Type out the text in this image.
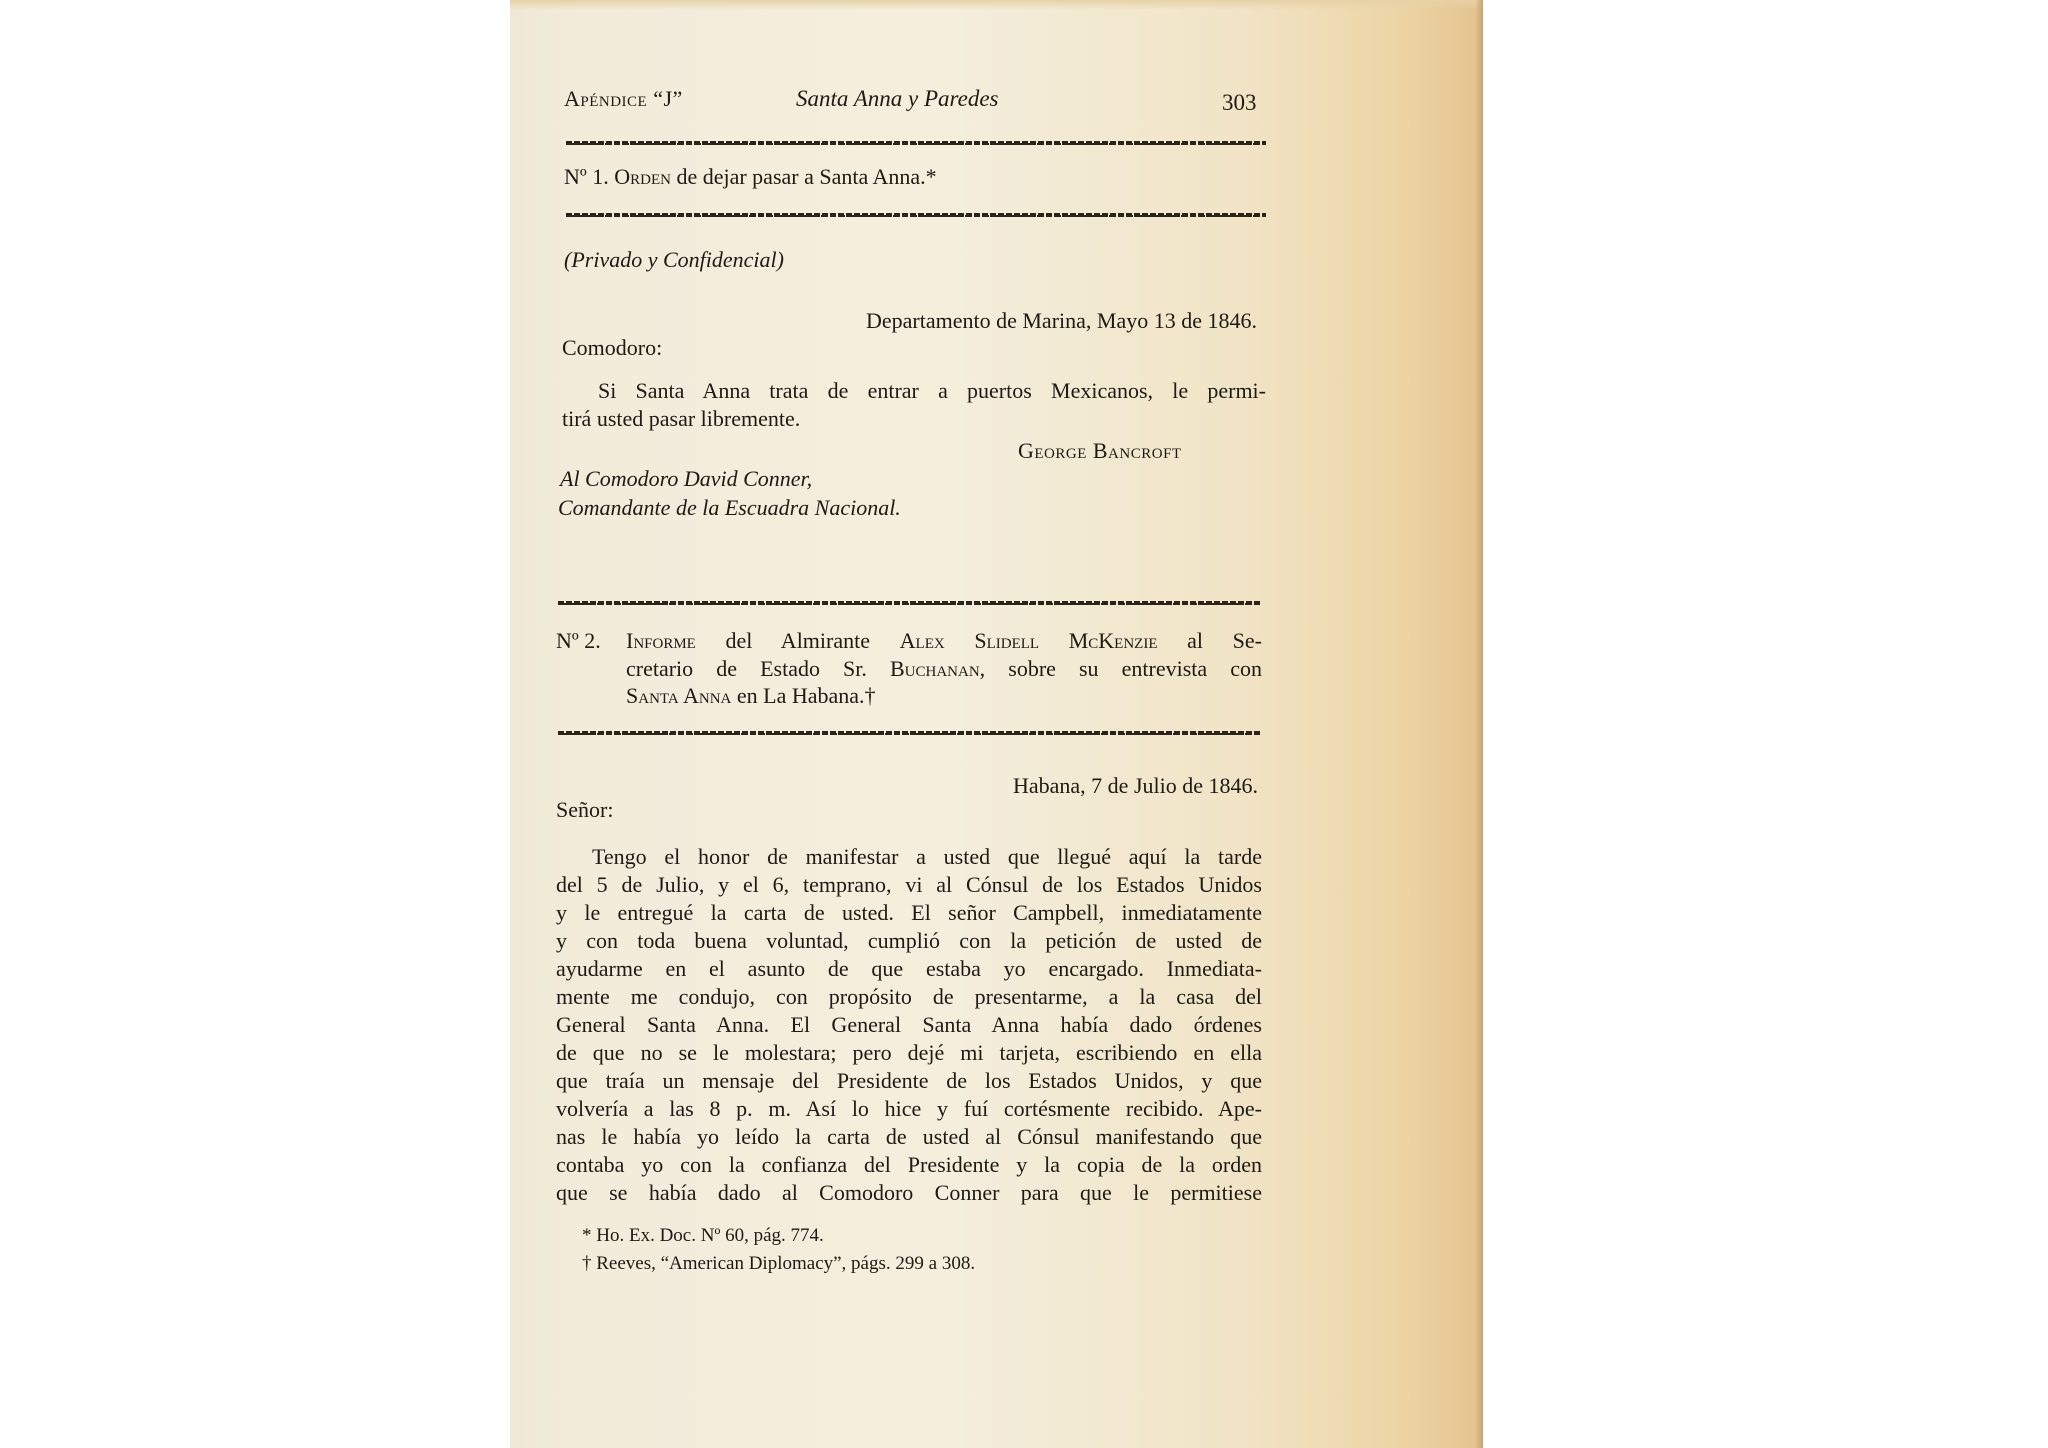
Apéndice “J”	Santa Anna y Paredes	303
Nº 1. Orden de dejar pasar a Santa Anna.*
(Privado y Confidencial)
Departamento de Marina, Mayo 13 de 1846.
Comodoro:
Si Santa Anna trata de entrar a puertos Mexicanos, le permi-
tirá usted pasar libremente.
George Bancroft
Al Comodoro David Conner,
Comandante de la Escuadra Nacional.
Nº 2. Informe del Almirante Alex Slidell McKenzie al Se-
cretario de Estado Sr. Buchanan, sobre su entrevista con
Santa Anna en La Habana.†
Habana, 7 de Julio de 1846.
Señor:
Tengo el honor de manifestar a usted que llegué aquí la tarde
del 5 de Julio, y el 6, temprano, vi al Cónsul de los Estados Unidos
y le entregué la carta de usted. El señor Campbell, inmediatamente
y con toda buena voluntad, cumplió con la petición de usted de
ayudarme en el asunto de que estaba yo encargado. Inmediata-
mente me condujo, con propósito de presentarme, a la casa del
General Santa Anna. El General Santa Anna había dado órdenes
de que no se le molestara; pero dejé mi tarjeta, escribiendo en ella
que traía un mensaje del Presidente de los Estados Unidos, y que
volvería a las 8 p. m. Así lo hice y fuí cortésmente recibido. Ape-
nas le había yo leído la carta de usted al Cónsul manifestando que
contaba yo con la confianza del Presidente y la copia de la orden
que se había dado al Comodoro Conner para que le permitiese
* Ho. Ex. Doc. Nº 60, pág. 774.
† Reeves, “American Diplomacy”, págs. 299 a 308.
